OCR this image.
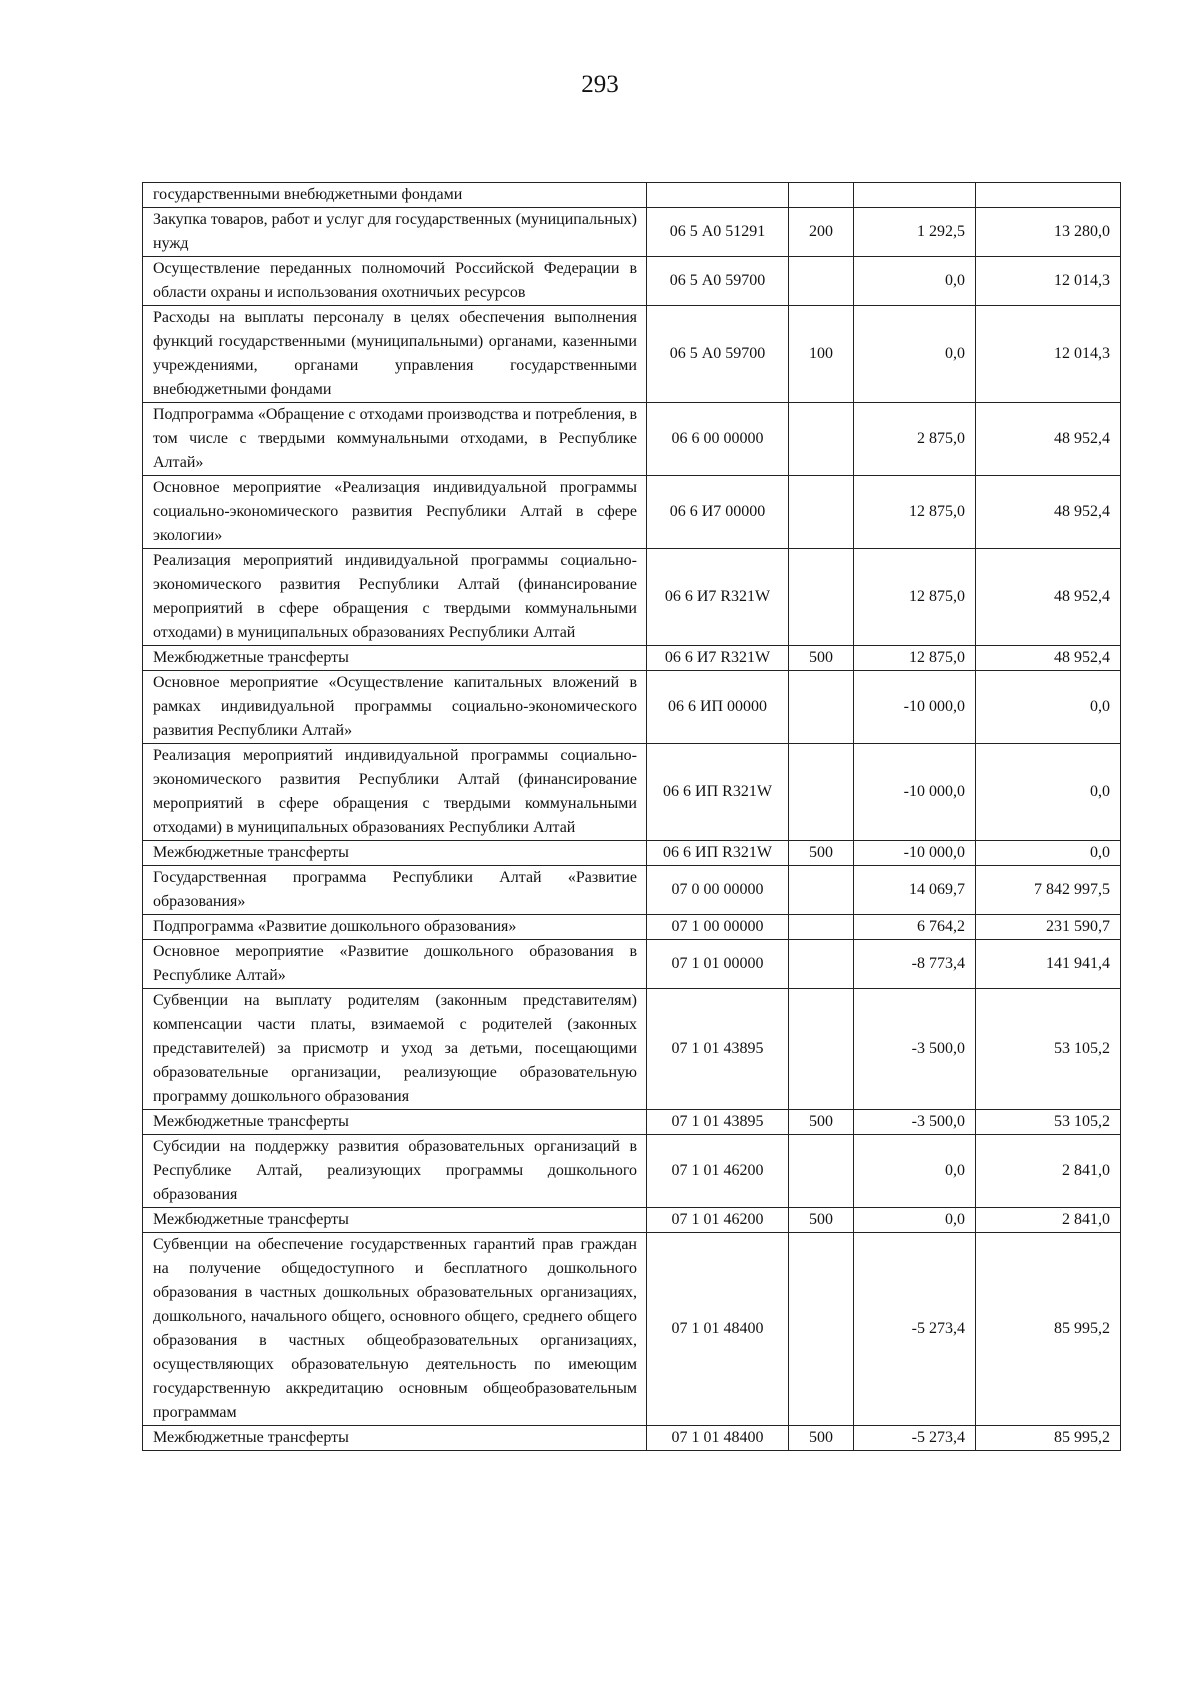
293
государственными внебюджетными фондами				
Закупка товаров, работ и услуг для государственных (муниципальных) нужд	06 5 А0 51291	200	1 292,5	13 280,0
Осуществление переданных полномочий Российской Федерации в области охраны и использования охотничьих ресурсов	06 5 А0 59700		0,0	12 014,3
Расходы на выплаты персоналу в целях обеспечения выполнения функций государственными (муниципальными) органами, казенными учреждениями, органами управления государственными внебюджетными фондами	06 5 А0 59700	100	0,0	12 014,3
Подпрограмма «Обращение с отходами производства и потребления, в том числе с твердыми коммунальными отходами, в Республике Алтай»	06 6 00 00000		2 875,0	48 952,4
Основное мероприятие «Реализация индивидуальной программы социально-экономического развития Республики Алтай в сфере экологии»	06 6 И7 00000		12 875,0	48 952,4
Реализация мероприятий индивидуальной программы социально-экономического развития Республики Алтай (финансирование мероприятий в сфере обращения с твердыми коммунальными отходами) в муниципальных образованиях Республики Алтай	06 6 И7 R321W		12 875,0	48 952,4
Межбюджетные трансферты	06 6 И7 R321W	500	12 875,0	48 952,4
Основное мероприятие «Осуществление капитальных вложений в рамках индивидуальной программы социально-экономического развития Республики Алтай»	06 6 ИП 00000		-10 000,0	0,0
Реализация мероприятий индивидуальной программы социально-экономического развития Республики Алтай (финансирование мероприятий в сфере обращения с твердыми коммунальными отходами) в муниципальных образованиях Республики Алтай	06 6 ИП R321W		-10 000,0	0,0
Межбюджетные трансферты	06 6 ИП R321W	500	-10 000,0	0,0
Государственная программа Республики Алтай «Развитие образования»	07 0 00 00000		14 069,7	7 842 997,5
Подпрограмма «Развитие дошкольного образования»	07 1 00 00000		6 764,2	231 590,7
Основное мероприятие «Развитие дошкольного образования в Республике Алтай»	07 1 01 00000		-8 773,4	141 941,4
Субвенции на выплату родителям (законным представителям) компенсации части платы, взимаемой с родителей (законных представителей) за присмотр и уход за детьми, посещающими образовательные организации, реализующие образовательную программу дошкольного образования	07 1 01 43895		-3 500,0	53 105,2
Межбюджетные трансферты	07 1 01 43895	500	-3 500,0	53 105,2
Субсидии на поддержку развития образовательных организаций в Республике Алтай, реализующих программы дошкольного образования	07 1 01 46200		0,0	2 841,0
Межбюджетные трансферты	07 1 01 46200	500	0,0	2 841,0
Субвенции на обеспечение государственных гарантий прав граждан на получение общедоступного и бесплатного дошкольного образования в частных дошкольных образовательных организациях, дошкольного, начального общего, основного общего, среднего общего образования в частных общеобразовательных организациях, осуществляющих образовательную деятельность по имеющим государственную аккредитацию основным общеобразовательным программам	07 1 01 48400		-5 273,4	85 995,2
Межбюджетные трансферты	07 1 01 48400	500	-5 273,4	85 995,2
